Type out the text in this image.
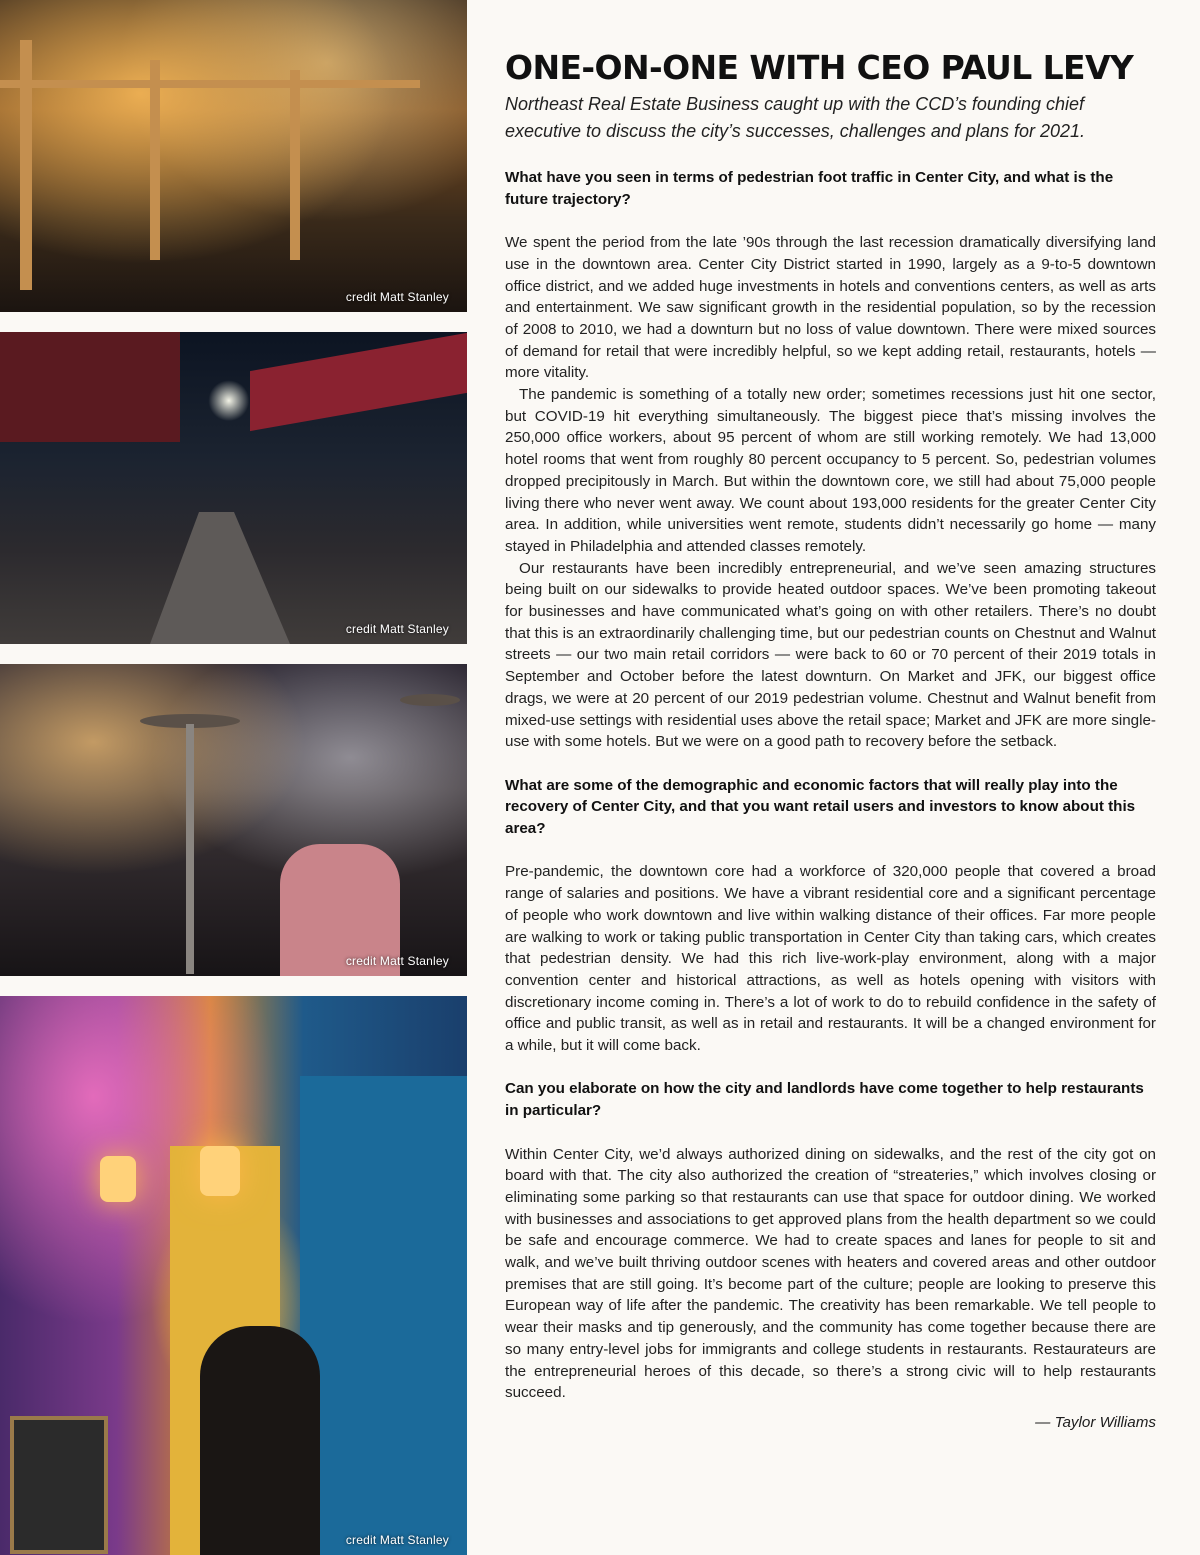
credit Matt Stanley
credit Matt Stanley
credit Matt Stanley
credit Matt Stanley
ONE-ON-ONE WITH CEO PAUL LEVY

Northeast Real Estate Business caught up with the CCD’s founding chief executive to discuss the city’s successes, challenges and plans for 2021.

What have you seen in terms of pedestrian foot traffic in Center City, and what is the future trajectory?

We spent the period from the late ’90s through the last recession dramatically diversifying land use in the downtown area. Center City District started in 1990, largely as a 9-to-5 downtown office district, and we added huge investments in hotels and conventions centers, as well as arts and entertainment. We saw significant growth in the residential population, so by the recession of 2008 to 2010, we had a downturn but no loss of value downtown. There were mixed sources of demand for retail that were incredibly helpful, so we kept adding retail, restaurants, hotels — more vitality.

The pandemic is something of a totally new order; sometimes recessions just hit one sector, but COVID-19 hit everything simultaneously. The biggest piece that’s missing involves the 250,000 office workers, about 95 percent of whom are still working remotely. We had 13,000 hotel rooms that went from roughly 80 percent occupancy to 5 percent. So, pedestrian volumes dropped precipitously in March. But within the downtown core, we still had about 75,000 people living there who never went away. We count about 193,000 residents for the greater Center City area. In addition, while universities went remote, students didn’t necessarily go home — many stayed in Philadelphia and attended classes remotely.

Our restaurants have been incredibly entrepreneurial, and we’ve seen amazing structures being built on our sidewalks to provide heated outdoor spaces. We’ve been promoting takeout for businesses and have communicated what’s going on with other retailers. There’s no doubt that this is an extraordinarily challenging time, but our pedestrian counts on Chestnut and Walnut streets — our two main retail corridors — were back to 60 or 70 percent of their 2019 totals in September and October before the latest downturn. On Market and JFK, our biggest office drags, we were at 20 percent of our 2019 pedestrian volume. Chestnut and Walnut benefit from mixed-use settings with residential uses above the retail space; Market and JFK are more single-use with some hotels. But we were on a good path to recovery before the setback.

What are some of the demographic and economic factors that will really play into the recovery of Center City, and that you want retail users and investors to know about this area?

Pre-pandemic, the downtown core had a workforce of 320,000 people that covered a broad range of salaries and positions. We have a vibrant residential core and a significant percentage of people who work downtown and live within walking distance of their offices. Far more people are walking to work or taking public transportation in Center City than taking cars, which creates that pedestrian density. We had this rich live-work-play environment, along with a major convention center and historical attractions, as well as hotels opening with visitors with discretionary income coming in. There’s a lot of work to do to rebuild confidence in the safety of office and public transit, as well as in retail and restaurants. It will be a changed environment for a while, but it will come back.

Can you elaborate on how the city and landlords have come together to help restaurants in particular?

Within Center City, we’d always authorized dining on sidewalks, and the rest of the city got on board with that. The city also authorized the creation of “streateries,” which involves closing or eliminating some parking so that restaurants can use that space for outdoor dining. We worked with businesses and associations to get approved plans from the health department so we could be safe and encourage commerce. We had to create spaces and lanes for people to sit and walk, and we’ve built thriving outdoor scenes with heaters and covered areas and other outdoor premises that are still going. It’s become part of the culture; people are looking to preserve this European way of life after the pandemic. The creativity has been remarkable. We tell people to wear their masks and tip generously, and the community has come together because there are so many entry-level jobs for immigrants and college students in restaurants. Restaurateurs are the entrepreneurial heroes of this decade, so there’s a strong civic will to help restaurants succeed.

— Taylor Williams
